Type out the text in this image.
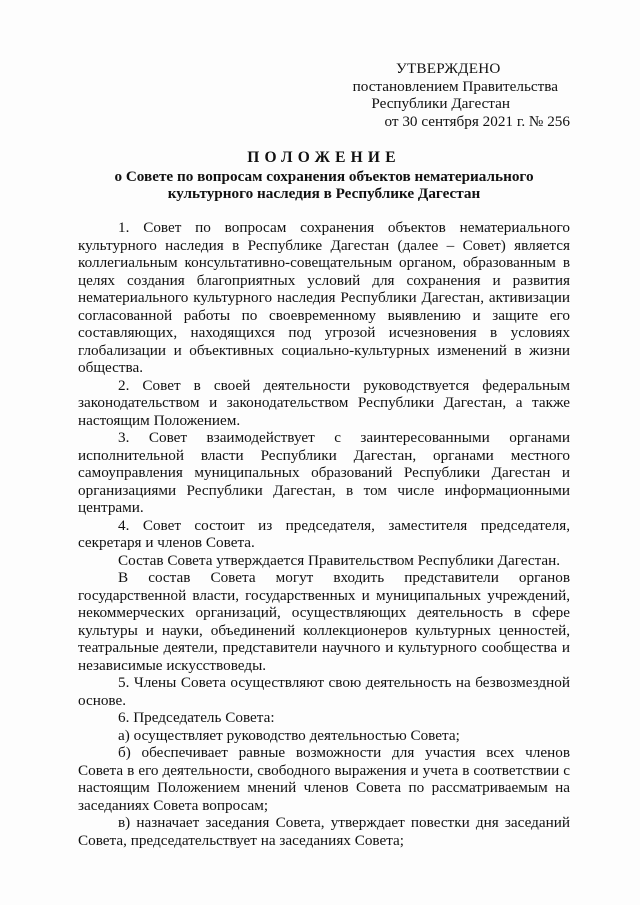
УТВЕРЖДЕНО
постановлением Правительства
Республики Дагестан
от 30 сентября 2021 г. № 256
ПОЛОЖЕНИЕ
о Совете по вопросам сохранения объектов нематериального
культурного наследия в Республике Дагестан

1. Совет по вопросам сохранения объектов нематериального культурного наследия в Республике Дагестан (далее – Совет) является коллегиальным консультативно-совещательным органом, образованным в целях создания благоприятных условий для сохранения и развития нематериального культурного наследия Республики Дагестан, активизации согласованной работы по своевременному выявлению и защите его составляющих, находящихся под угрозой исчезновения в условиях глобализации и объективных социально-культурных изменений в жизни общества.

2. Совет в своей деятельности руководствуется федеральным законодательством и законодательством Республики Дагестан, а также настоящим Положением.

3. Совет взаимодействует с заинтересованными органами исполнительной власти Республики Дагестан, органами местного самоуправления муниципальных образований Республики Дагестан и организациями Республики Дагестан, в том числе информационными центрами.

4. Совет состоит из председателя, заместителя председателя, секретаря и членов Совета.

Состав Совета утверждается Правительством Республики Дагестан.

В состав Совета могут входить представители органов государственной власти, государственных и муниципальных учреждений, некоммерческих организаций, осуществляющих деятельность в сфере культуры и науки, объединений коллекционеров культурных ценностей, театральные деятели, представители научного и культурного сообщества и независимые искусствоведы.

5. Члены Совета осуществляют свою деятельность на безвозмездной основе.

6. Председатель Совета:

а) осуществляет руководство деятельностью Совета;

б) обеспечивает равные возможности для участия всех членов Совета в его деятельности, свободного выражения и учета в соответствии с настоящим Положением мнений членов Совета по рассматриваемым на заседаниях Совета вопросам;

в) назначает заседания Совета, утверждает повестки дня заседаний Совета, председательствует на заседаниях Совета;
